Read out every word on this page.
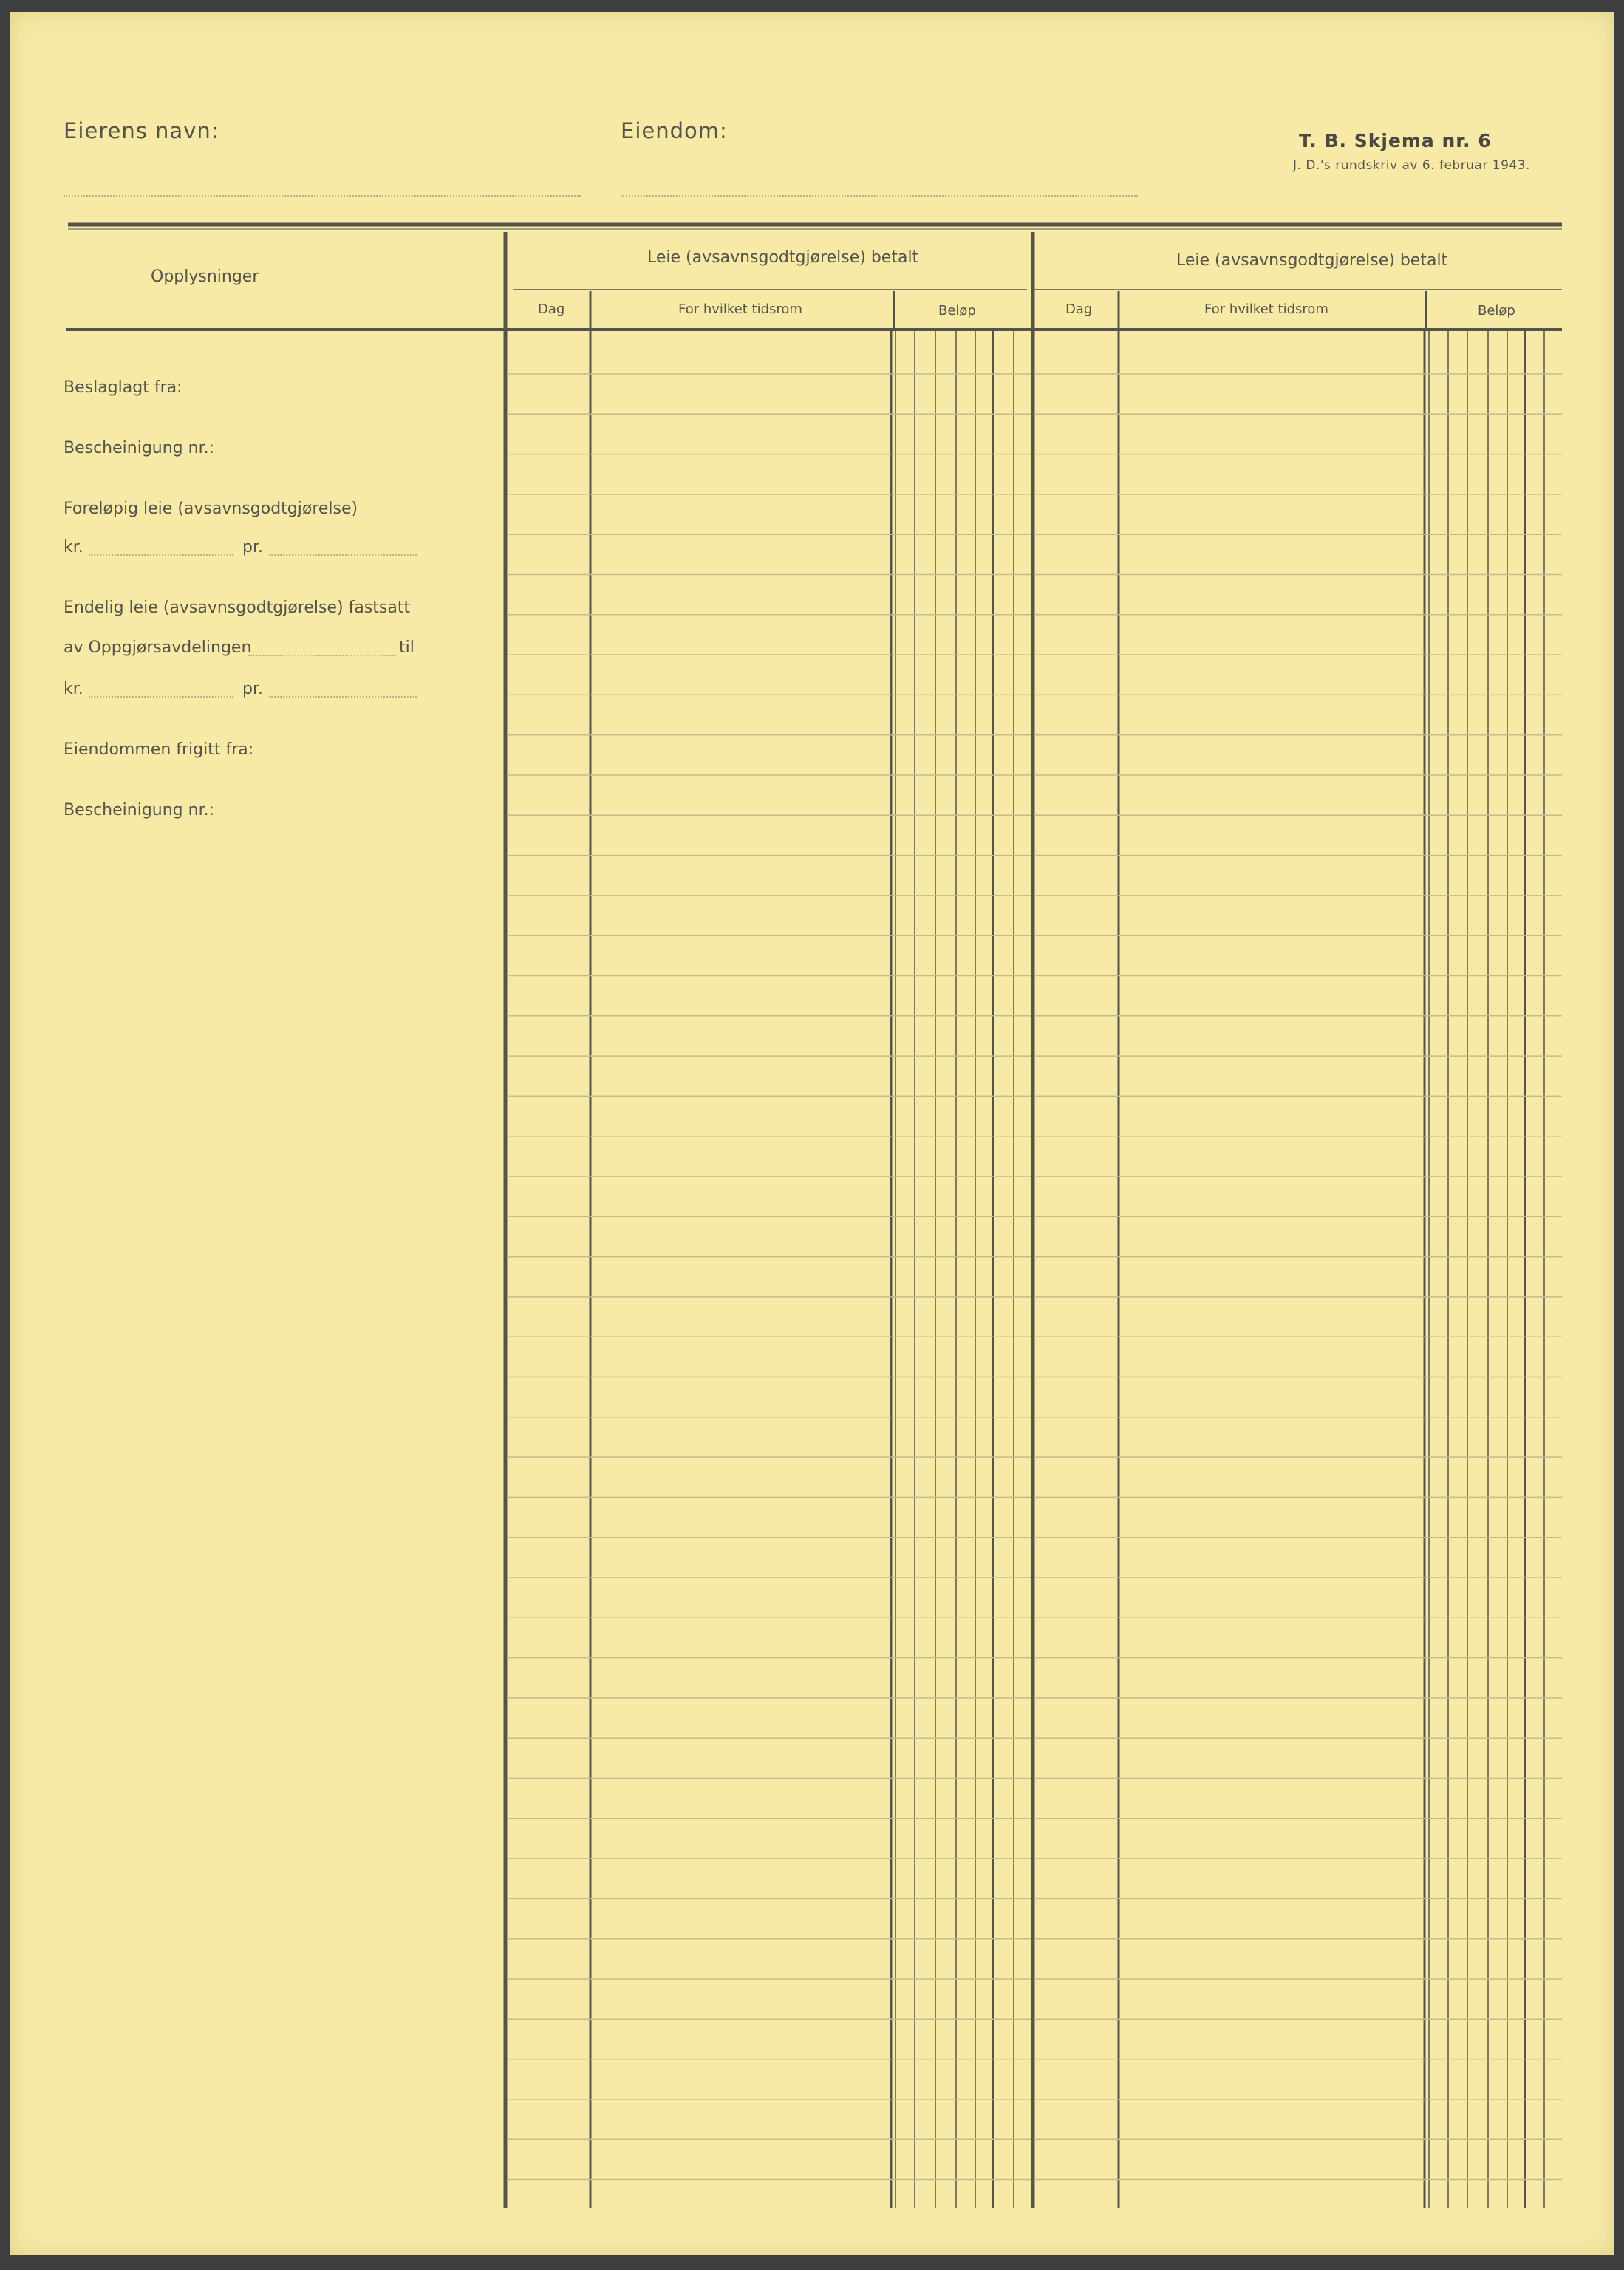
Eierens navn:	Eiendom:	T. B. Skjema nr. 6
J. D.'s rundskriv av 6. februar 1943.
Opplysninger
Leie (avsavnsgodtgjørelse) betalt	Leie (avsavnsgodtgjørelse) betalt
Dag	For hvilket tidsrom	Beløp	Dag	For hvilket tidsrom	Beløp
Beslaglagt fra:
Bescheinigung nr.:
Foreløpig leie (avsavnsgodtgjørelse)
kr.	pr.
Endelig leie (avsavnsgodtgjørelse) fastsatt
av Oppgjørsavdelingen	til
kr.	pr.
Eiendommen frigitt fra:
Bescheinigung nr.:
